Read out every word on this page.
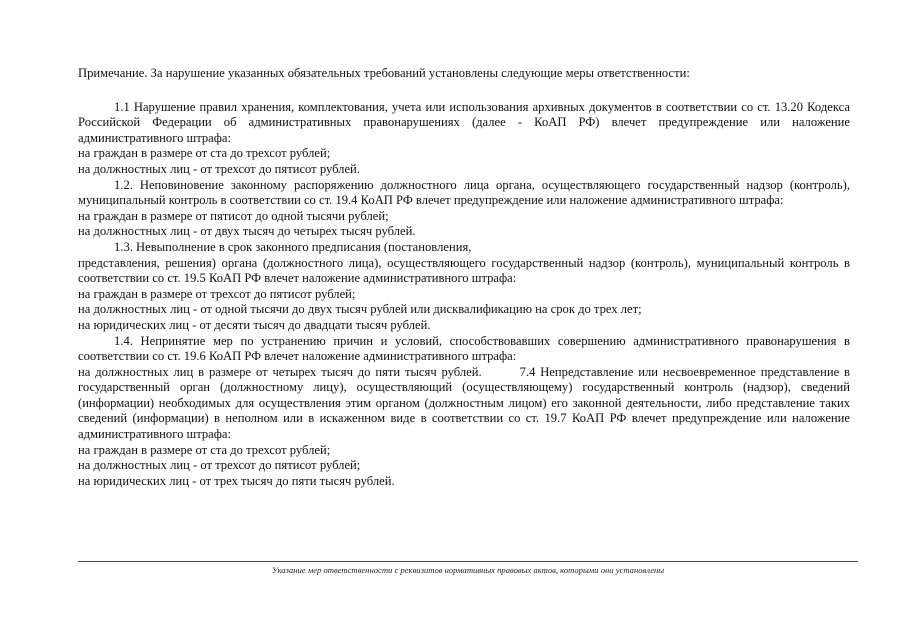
Примечание. За нарушение указанных обязательных требований установлены следующие меры ответственности:

1.1 Нарушение правил хранения, комплектования, учета или использования архивных документов в соответствии со ст. 13.20 Кодекса Российской Федерации об административных правонарушениях (далее - КоАП РФ) влечет предупреждение или наложение административного штрафа:

на граждан в размере от ста до трехсот рублей;
на должностных лиц - от трехсот до пятисот рублей.

1.2. Неповиновение законному распоряжению должностного лица органа, осуществляющего государственный надзор (контроль), муниципальный контроль в соответствии со ст. 19.4 КоАП РФ влечет предупреждение или наложение административного штрафа:

на граждан в размере от пятисот до одной тысячи рублей;
на должностных лиц - от двух тысяч до четырех тысяч рублей.
1.3. Невыполнение в срок законного предписания (постановления,

представления, решения) органа (должностного лица), осуществляющего государственный надзор (контроль), муниципальный контроль в соответствии со ст. 19.5 КоАП РФ влечет наложение административного штрафа:

на граждан в размере от трехсот до пятисот рублей;
на должностных лиц - от одной тысячи до двух тысяч рублей или дисквалификацию на срок до трех лет;
на юридических лиц - от десяти тысяч до двадцати тысяч рублей.

1.4. Непринятие мер по устранению причин и условий, способствовавших совершению административного правонарушения в соответствии со ст. 19.6 КоАП РФ влечет наложение административного штрафа:

на должностных лиц в размере от четырех тысяч до пяти тысяч рублей.	7.4 Непредставление или несвоевременное представление в государственный орган (должностному лицу), осуществляющий (осуществляющему) государственный контроль (надзор), сведений (информации) необходимых для осуществления этим органом (должностным лицом) его законной деятельности, либо представление таких сведений (информации) в неполном или в искаженном виде в соответствии со ст. 19.7 КоАП РФ влечет предупреждение или наложение административного штрафа:

на граждан в размере от ста до трехсот рублей;
на должностных лиц - от трехсот до пятисот рублей;
на юридических лиц - от трех тысяч до пяти тысяч рублей.
Указание мер ответственности с реквизитов нормативных правовых актов, которыми они установлены
